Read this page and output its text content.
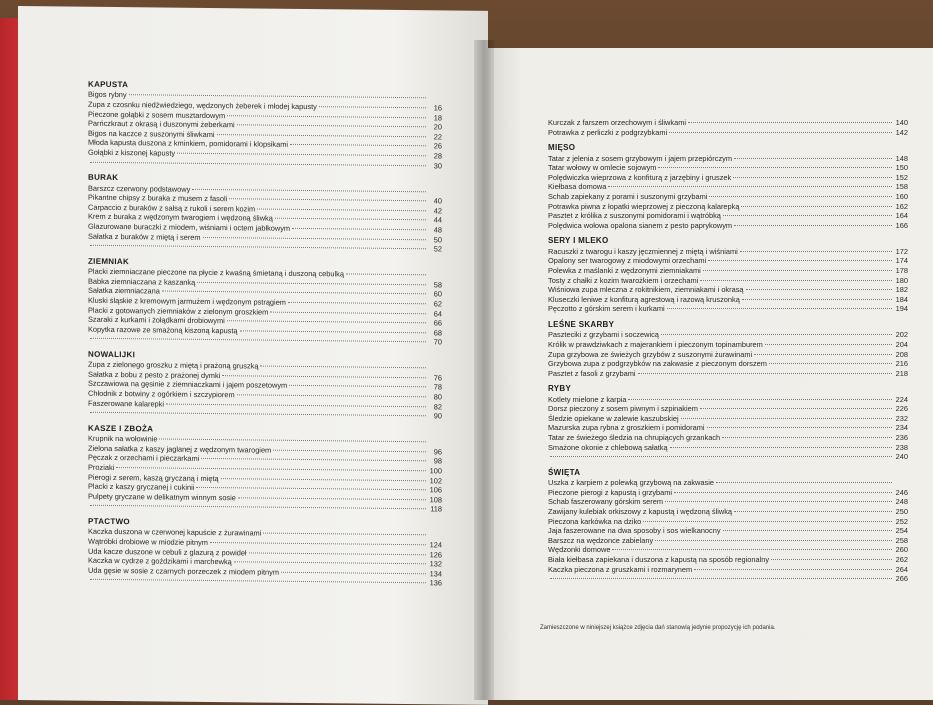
KAPUSTA
Bigos rybny
Zupa z czosnku niedźwiedziego, wędzonych żeberek i młodej kapusty	16
Pieczone gołąbki z sosem musztardowym	18
Parńczkraut z okrasą i duszonymi żeberkami	20
Bigos na kaczce z suszonymi śliwkami	22
Młoda kapusta duszona z kminkiem, pomidorami i klopsikami	26
Gołąbki z kiszonej kapusty	28
30
BURAK
Barszcz czerwony podstawowy
Pikantne chipsy z buraka z musem z fasoli	40
Carpaccio z buraków z sałsą z rukoli i serem kozim	42
Krem z buraka z wędzonym twarogiem i wędzoną śliwką	44
Glazurowane buraczki z miodem, wiśniami i octem jabłkowym	48
Sałatka z buraków z miętą i serem	50
52
ZIEMNIAK
Placki ziemniaczane pieczone na płycie z kwaśną śmietaną i duszoną cebulką
Babka ziemniaczana z kaszanką	58
Sałatka ziemniaczana	60
Kluski śląskie z kremowym jarmużem i wędzonym pstrągiem	62
Placki z gotowanych ziemniaków z zielonym groszkiem	64
Szaraki z kurkami i żołądkami drobiowymi	66
Kopytka razowe ze smażoną kiszoną kapustą	68
70
NOWALIJKI
Zupa z zielonego groszku z miętą i prażoną gruszką
Sałatka z bobu z pesto z prażonej dymki	76
Szczawiowa na gęsinie z ziemniaczkami i jajem poszetowym	78
Chłodnik z botwiny z ogórkiem i szczypiorem	80
Faszerowane kalarepki	82
90
KASZE I ZBOŻA
Krupnik na wołowinie
Zielona sałatka z kaszy jaglanej z wędzonym twarogiem	96
Pęczak z orzechami i pieczarkami	98
Proziaki	100
Pierogi z serem, kaszą gryczaną i miętą	102
Placki z kaszy gryczanej i cukinii	106
Pulpety gryczane w delikatnym winnym sosie	108
118
PTACTWO
Kaczka duszona w czerwonej kapuście z żurawinami
Wątróbki drobiowe w miodzie pitnym	124
Uda kacze duszone w cebuli z glazurą z powideł	126
Kaczka w cydrze z goździkami i marchewką	132
Uda gęsie w sosie z czarnych porzeczek z miodem pitnym	134
136
Kurczak z farszem orzechowym i śliwkami	140
Potrawka z perliczki z podgrzybkami	142
MIĘSO
Tatar z jelenia z sosem grzybowym i jajem przepiórczym	148
Tatar wołowy w omlecie sojowym	150
Polędwiczka wieprzowa z konfiturą z jarzębiny i gruszek	152
Kiełbasa domowa	158
Schab zapiekany z porami i suszonymi grzybami	160
Potrawka piwna z łopatki wieprzowej z pieczoną kalarepką	162
Pasztet z królika z suszonymi pomidorami i wątróbką	164
Polędwica wołowa opalona sianem z pesto paprykowym	166
SERY I MLEKO
Racuszki z twarogu i kaszy jęczmiennej z miętą i wiśniami	172
Opalony ser twarogowy z miodowymi orzechami	174
Polewka z maślanki z wędzonymi ziemniakami	178
Tosty z chałki z kozim twarożkiem i orzechami	180
Wiśniowa zupa mleczna z rokitnikiem, ziemniakami i okrasą	182
Kluseczki leniwe z konfiturą agrestową i razową kruszonką	184
Pęczotto z górskim serem i kurkami	194
LEŚNE SKARBY
Paszteciki z grzybami i soczewicą	202
Królik w prawdziwkach z majerankiem i pieczonym topinamburem	204
Zupa grzybowa ze świeżych grzybów z suszonymi żurawinami	208
Grzybowa zupa z podgrzybków na zakwasie z pieczonym dorszem	216
Pasztet z fasoli z grzybami	218
RYBY
Kotlety mielone z karpia	224
Dorsz pieczony z sosem piwnym i szpinakiem	226
Śledzie opiekane w zalewie kaszubskiej	232
Mazurska zupa rybna z groszkiem i pomidorami	234
Tatar ze świeżego śledzia na chrupiących grzankach	236
Smażone okonie z chlebową sałatką	238
240
ŚWIĘTA
Uszka z karpiem z polewką grzybową na zakwasie
Pieczone pierogi z kapustą i grzybami	246
Schab faszerowany górskim serem	248
Zawijany kulebiak orkiszowy z kapustą i wędzoną śliwką	250
Pieczona karkówka na dziko	252
Jaja faszerowane na dwa sposoby i sos wielkanocny	254
Barszcz na wędzonce zabielany	258
Wędzonki domowe	260
Biała kiełbasa zapiekana i duszona z kapustą na sposób regionalny	262
Kaczka pieczona z gruszkami i rozmarynem	264
266
Zamieszczone w niniejszej książce zdjęcia dań stanowią jedynie propozycję ich podania.
